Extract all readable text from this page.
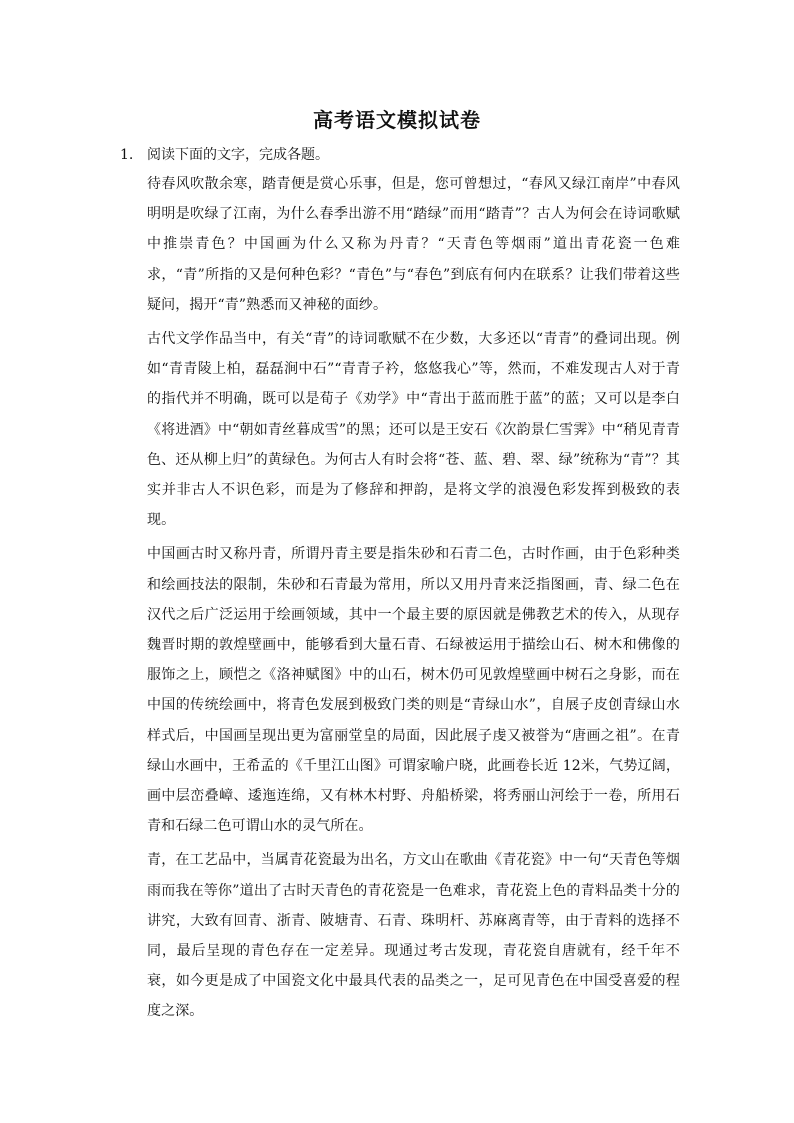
高考语文模拟试卷
1. 阅读下面的文字，完成各题。

待春风吹散余寒，踏青便是赏心乐事，但是，您可曾想过，“春风又绿江南岸”中春风明明是吹绿了江南，为什么春季出游不用“踏绿”而用“踏青”？古人为何会在诗词歌赋中推崇青色？中国画为什么又称为丹青？“天青色等烟雨”道出青花瓷一色难求，“青”所指的又是何种色彩？“青色”与“春色”到底有何内在联系？让我们带着这些疑问，揭开“青”熟悉而又神秘的面纱。

古代文学作品当中，有关“青”的诗词歌赋不在少数，大多还以“青青”的叠词出现。例如“青青陵上柏，磊磊涧中石”“青青子衿，悠悠我心”等，然而，不难发现古人对于青的指代并不明确，既可以是荀子《劝学》中“青出于蓝而胜于蓝”的蓝；又可以是李白《将进酒》中“朝如青丝暮成雪”的黑；还可以是王安石《次韵景仁雪霁》中“稍见青青色、还从柳上归”的黄绿色。为何古人有时会将“苍、蓝、碧、翠、绿”统称为“青”？其实并非古人不识色彩，而是为了修辞和押韵，是将文学的浪漫色彩发挥到极致的表现。

中国画古时又称丹青，所谓丹青主要是指朱砂和石青二色，古时作画，由于色彩种类和绘画技法的限制，朱砂和石青最为常用，所以又用丹青来泛指图画，青、绿二色在汉代之后广泛运用于绘画领域，其中一个最主要的原因就是佛教艺术的传入，从现存魏晋时期的敦煌壁画中，能够看到大量石青、石绿被运用于描绘山石、树木和佛像的服饰之上，顾恺之《洛神赋图》中的山石，树木仍可见敦煌壁画中树石之身影，而在中国的传统绘画中，将青色发展到极致门类的则是“青绿山水”，自展子皮创青绿山水样式后，中国画呈现出更为富丽堂皇的局面，因此展子虔又被誉为“唐画之祖”。在青绿山水画中，王希孟的《千里江山图》可谓家喻户晓，此画卷长近 12米，气势辽阔，画中层峦叠嶂、逶迤连绵，又有林木村野、舟船桥梁，将秀丽山河绘于一卷，所用石青和石绿二色可谓山水的灵气所在。

青，在工艺品中，当属青花瓷最为出名，方文山在歌曲《青花瓷》中一句“天青色等烟雨而我在等你”道出了古时天青色的青花瓷是一色难求，青花瓷上色的青料品类十分的讲究，大致有回青、浙青、陂塘青、石青、珠明杆、苏麻离青等，由于青料的选择不同，最后呈现的青色存在一定差异。现通过考古发现，青花瓷自唐就有，经千年不衰，如今更是成了中国瓷文化中最具代表的品类之一，足可见青色在中国受喜爱的程度之深。
